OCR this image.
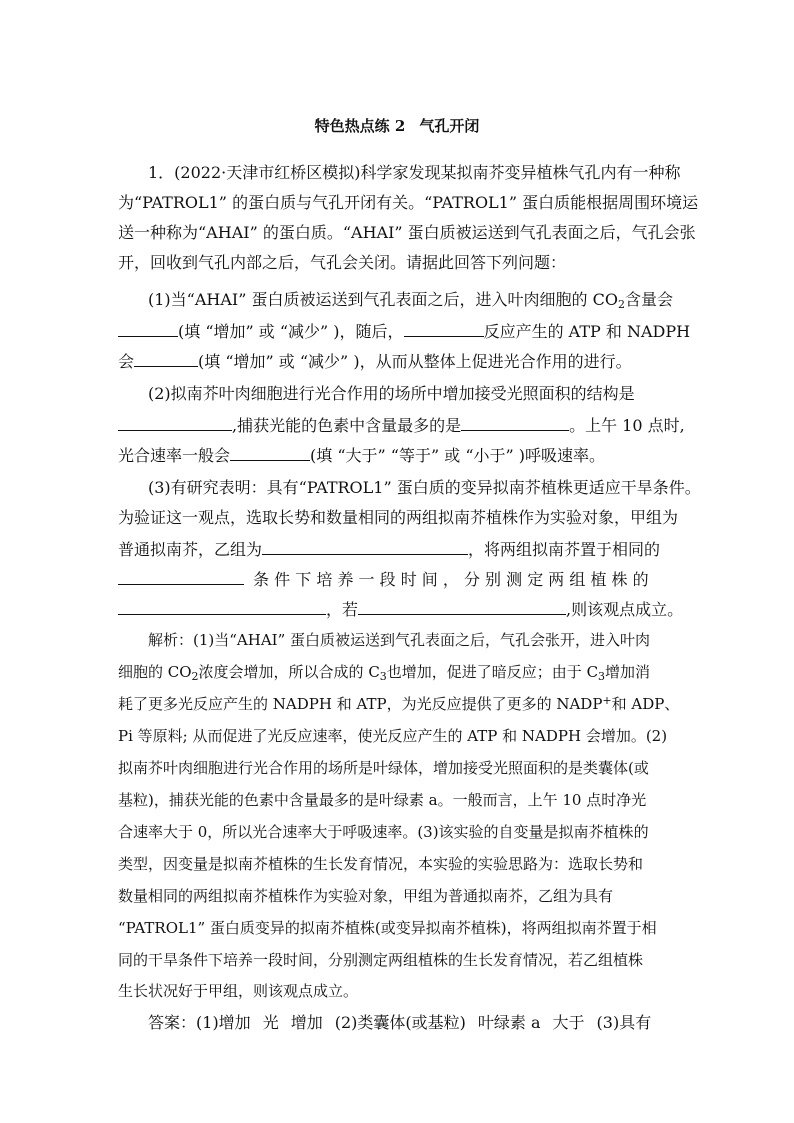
特色热点练 2 气孔开闭
1．(2022·天津市红桥区模拟)科学家发现某拟南芥变异植株气孔内有一种称
为“PATROL1” 的蛋白质与气孔开闭有关。“PATROL1” 蛋白质能根据周围环境运
送一种称为“AHAI” 的蛋白质。“AHAI” 蛋白质被运送到气孔表面之后，气孔会张
开，回收到气孔内部之后，气孔会关闭。请据此回答下列问题：
(1)当“AHAI” 蛋白质被运送到气孔表面之后，进入叶肉细胞的 $CO_2$含量会
(填 “增加” 或 “减少” )，随后，	反应产生的 ATP 和 NADPH
会	(填 “增加” 或 “减少” )，从而从整体上促进光合作用的进行。
(2)拟南芥叶肉细胞进行光合作用的场所中增加接受光照面积的结构是
,捕获光能的色素中含量最多的是	。上午 10 点时,
光合速率一般会	(填 “大于” “等于” 或 “小于” )呼吸速率。
(3)有研究表明：具有“PATROL1” 蛋白质的变异拟南芥植株更适应干旱条件。
为验证这一观点，选取长势和数量相同的两组拟南芥植株作为实验对象，甲组为
普通拟南芥，乙组为	，将两组拟南芥置于相同的
条 件 下 培 养 一 段 时 间 ， 分 别 测 定 两 组 植 株 的
，若	,则该观点成立。
解析：(1)当“AHAI” 蛋白质被运送到气孔表面之后，气孔会张开，进入叶肉
细胞的 $CO_2$浓度会增加，所以合成的 $C_3$也增加，促进了暗反应；由于 $C_3$增加消
耗了更多光反应产生的 NADPH 和 ATP，为光反应提供了更多的 NADP+和 ADP、
Pi 等原料; 从而促进了光反应速率，使光反应产生的 ATP 和 NADPH 会增加。(2)
拟南芥叶肉细胞进行光合作用的场所是叶绿体，增加接受光照面积的是类囊体(或
基粒)，捕获光能的色素中含量最多的是叶绿素 a。一般而言，上午 10 点时净光
合速率大于 0，所以光合速率大于呼吸速率。(3)该实验的自变量是拟南芥植株的
类型，因变量是拟南芥植株的生长发育情况，本实验的实验思路为：选取长势和
数量相同的两组拟南芥植株作为实验对象，甲组为普通拟南芥，乙组为具有
“PATROL1” 蛋白质变异的拟南芥植株(或变异拟南芥植株)，将两组拟南芥置于相
同的干旱条件下培养一段时间，分别测定两组植株的生长发育情况，若乙组植株
生长状况好于甲组，则该观点成立。
答案：(1)增加 光 增加 (2)类囊体(或基粒) 叶绿素 a 大于 (3)具有
